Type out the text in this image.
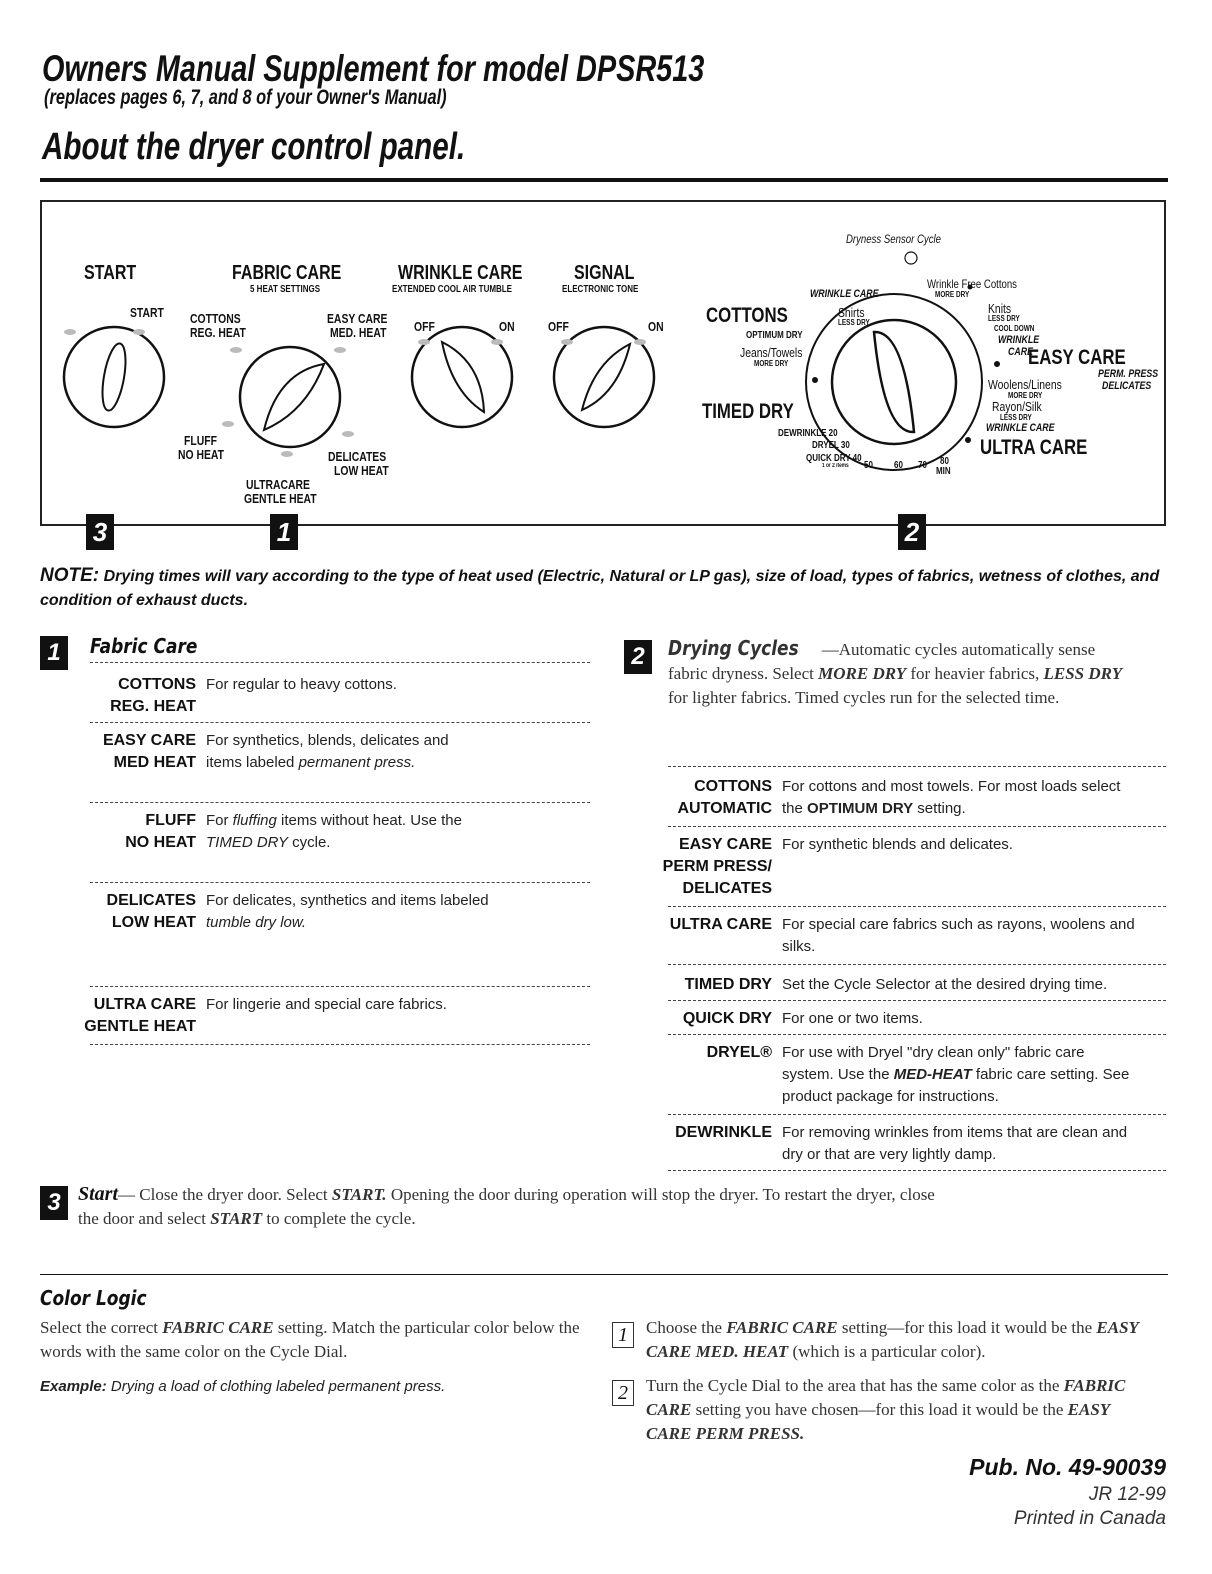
Owners Manual Supplement for model DPSR513
(replaces pages 6, 7, and 8 of your Owner's Manual)
About the dryer control panel.
START
START
FABRIC CARE
5 HEAT SETTINGS
COTTONS
REG. HEAT
EASY CARE
MED. HEAT
FLUFF
NO HEAT	DELICATES
LOW HEAT
ULTRACARE
GENTLE HEAT
WRINKLE CARE
EXTENDED COOL AIR TUMBLE
OFF	ON
SIGNAL
ELECTRONIC TONE
OFF	ON
Dryness Sensor Cycle
WRINKLE CARE
Wrinkle Free Cottons
MORE DRY
COTTONS	Shirts
LESS DRY
OPTIMUM DRY
Knits
LESS DRY
COOL DOWN
WRINKLE
CARE
Jeans/Towels
MORE DRY	EASY CARE
PERM. PRESS
DELICATES
Woolens/Linens
MORE DRY
Rayon/Silk
LESS DRY
WRINKLE CARE
TIMED DRY
ULTRA CARE
DEWRINKLE 20
DRYEL 30
QUICK DRY 40
1 or 2 items 50 60 70 80
MIN
3	1	2
NOTE: Drying times will vary according to the type of heat used (Electric, Natural or LP gas), size of load, types of fabrics, wetness of clothes, and condition of exhaust ducts.
1	Fabric Care
COTTONS
REG. HEAT
For regular to heavy cottons.
EASY CARE
MED HEAT
For synthetics, blends, delicates and items labeled permanent press.
FLUFF
NO HEAT
For fluffing items without heat. Use the TIMED DRY cycle.
DELICATES
LOW HEAT
For delicates, synthetics and items labeled tumble dry low.
ULTRA CARE
GENTLE HEAT
For lingerie and special care fabrics.
2	Drying Cycles —Automatic cycles automatically sense fabric dryness. Select MORE DRY for heavier fabrics, LESS DRY for lighter fabrics. Timed cycles run for the selected time.
COTTONS AUTOMATIC
For cottons and most towels. For most loads select the OPTIMUM DRY setting.
EASY CARE PERM PRESS/ DELICATES
For synthetic blends and delicates.
ULTRA CARE For special care fabrics such as rayons, woolens and silks.
TIMED DRY Set the Cycle Selector at the desired drying time.
QUICK DRY For one or two items.
DRYEL® For use with Dryel "dry clean only" fabric care system. Use the MED-HEAT fabric care setting. See product package for instructions.
DEWRINKLE For removing wrinkles from items that are clean and dry or that are very lightly damp.
3 Start— Close the dryer door. Select START. Opening the door during operation will stop the dryer. To restart the dryer, close the door and select START to complete the cycle.
Color Logic
Select the correct FABRIC CARE setting. Match the particular color below the words with the same color on the Cycle Dial.
Example: Drying a load of clothing labeled permanent press.
1	Choose the FABRIC CARE setting—for this load it would be the EASY CARE MED. HEAT (which is a particular color).
2	Turn the Cycle Dial to the area that has the same color as the FABRIC CARE setting you have chosen—for this load it would be the EASY CARE PERM PRESS.
Pub. No. 49-90039
JR 12-99
Printed in Canada
